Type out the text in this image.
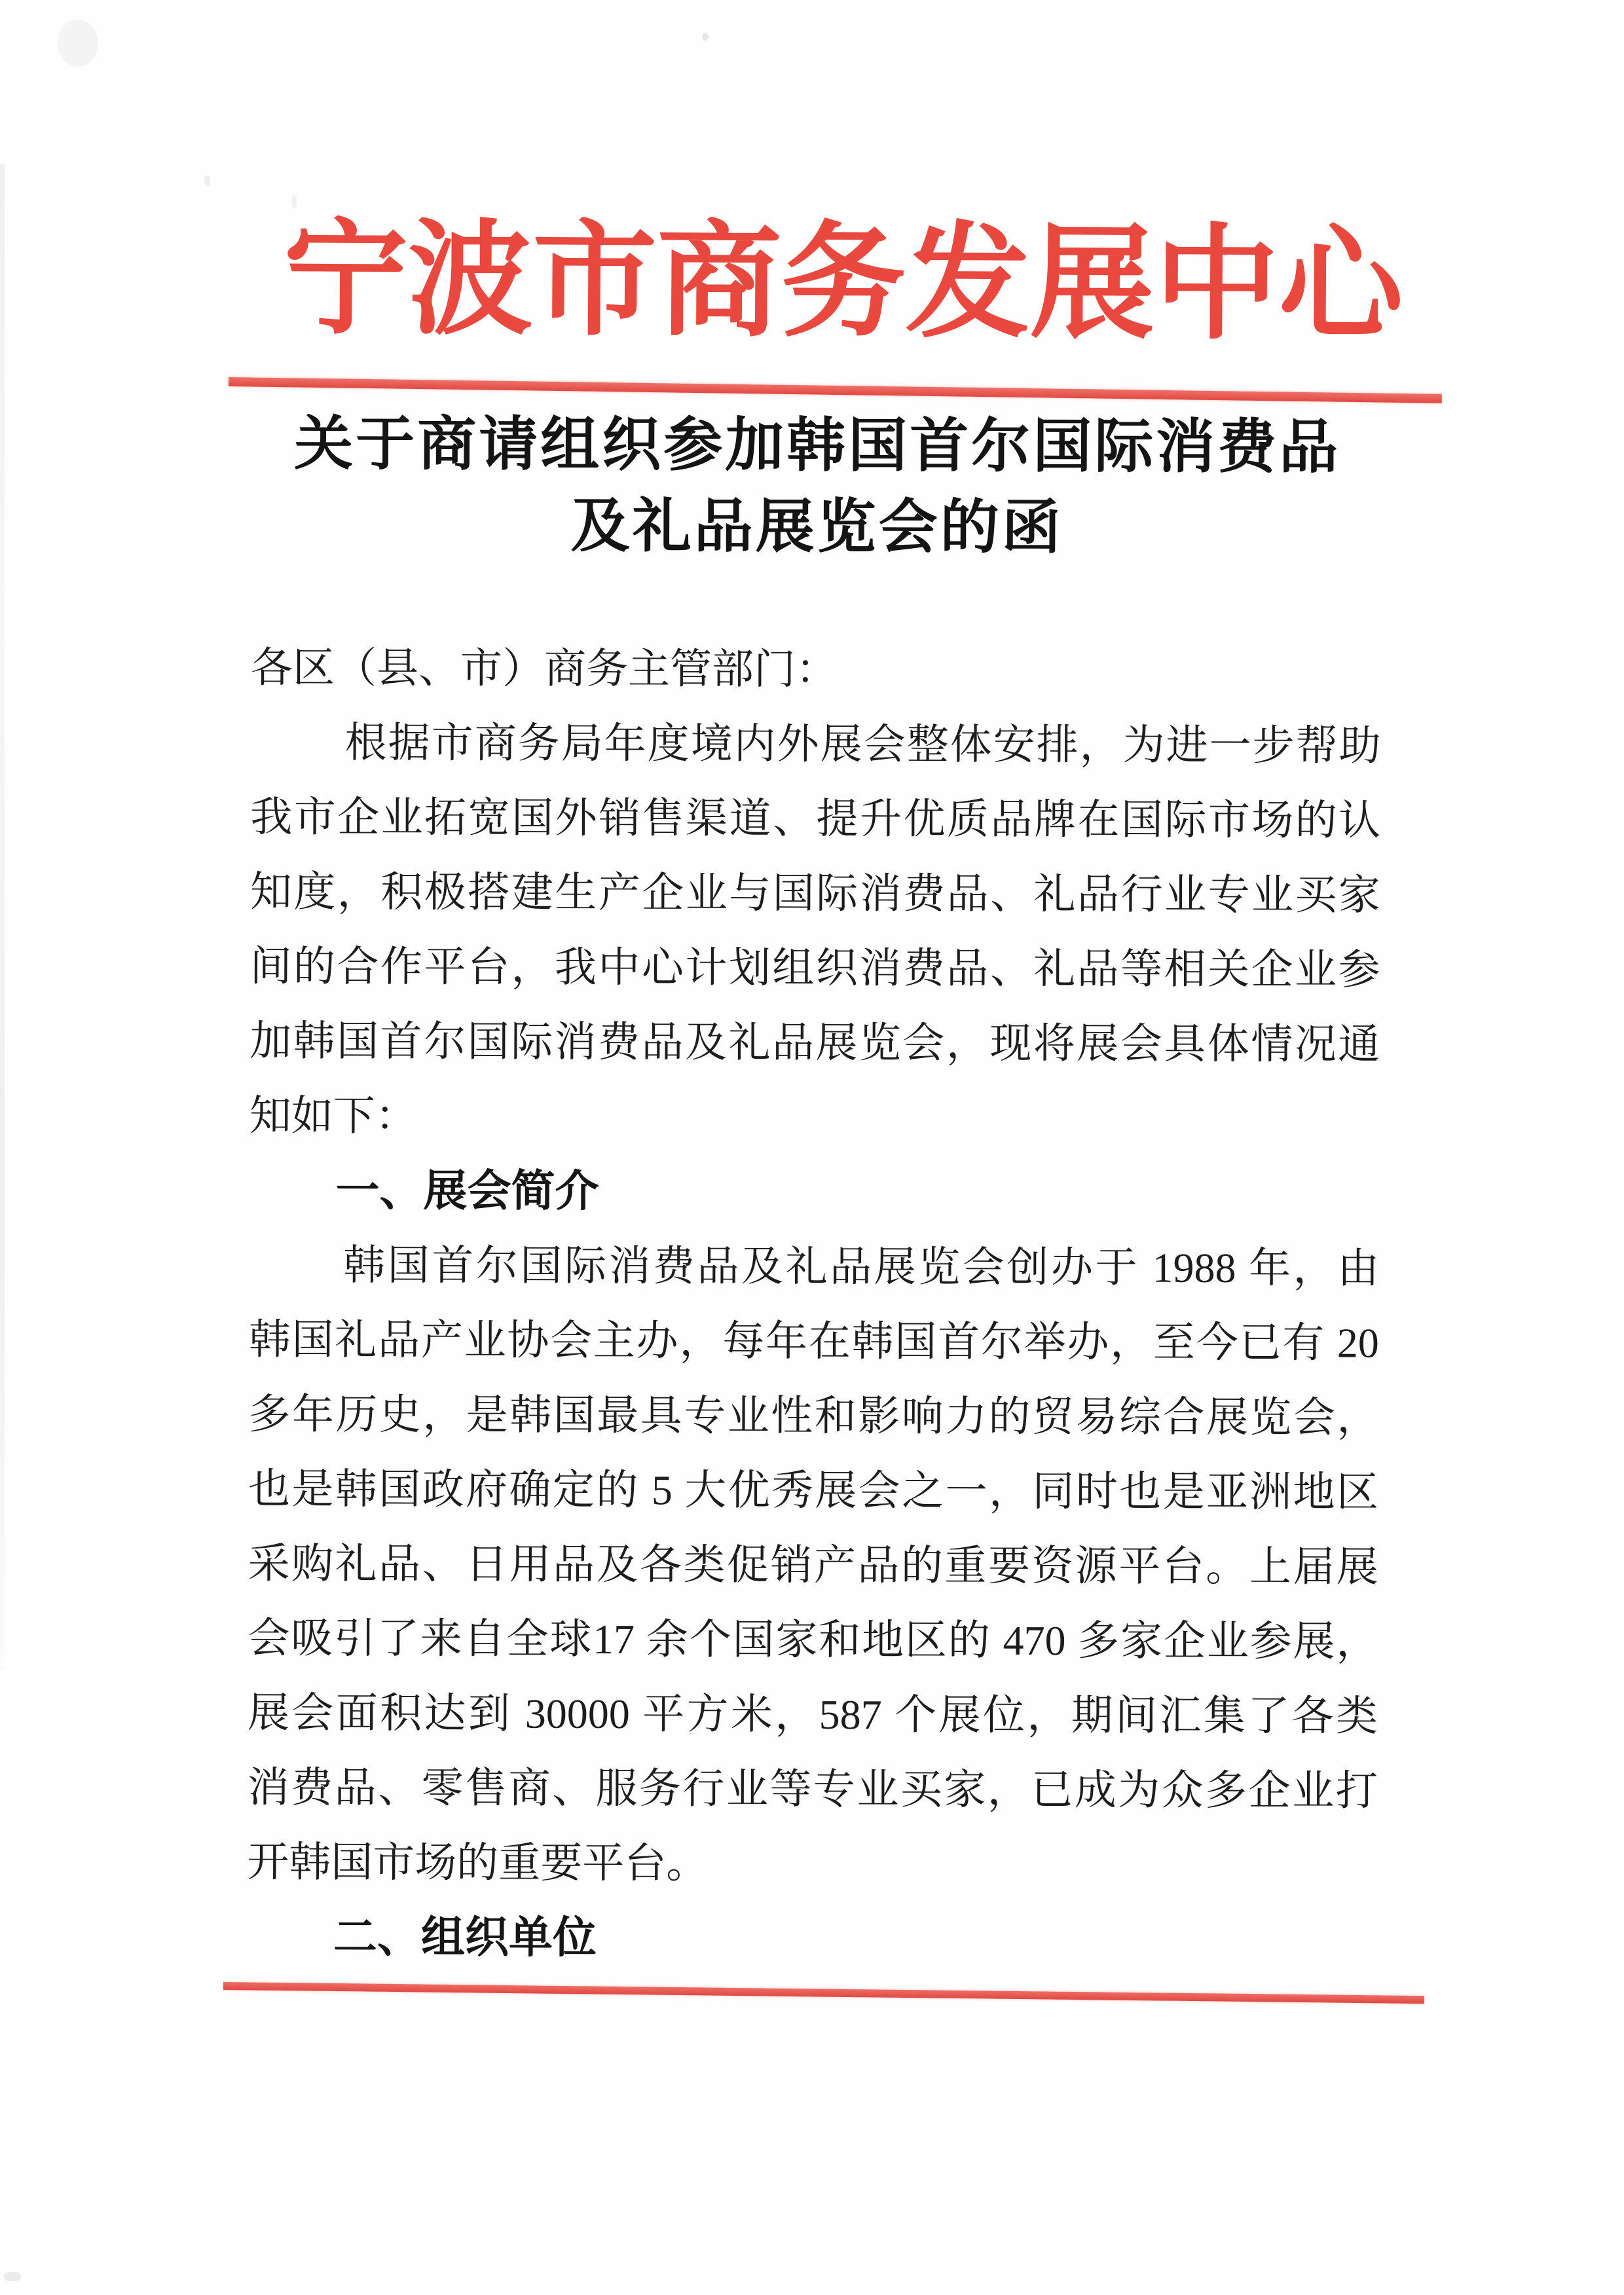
宁波市商务发展中心
关于商请组织参加韩国首尔国际消费品
及礼品展览会的函
各区（县、市）商务主管部门：
根据市商务局年度境内外展会整体安排，为进一步帮助
我市企业拓宽国外销售渠道、提升优质品牌在国际市场的认
知度，积极搭建生产企业与国际消费品、礼品行业专业买家
间的合作平台，我中心计划组织消费品、礼品等相关企业参
加韩国首尔国际消费品及礼品展览会，现将展会具体情况通
知如下：
一、展会简介
韩国首尔国际消费品及礼品展览会创办于 1988 年，由
韩国礼品产业协会主办，每年在韩国首尔举办，至今已有 20
多年历史，是韩国最具专业性和影响力的贸易综合展览会，
也是韩国政府确定的 5 大优秀展会之一，同时也是亚洲地区
采购礼品、日用品及各类促销产品的重要资源平台。上届展
会吸引了来自全球17 余个国家和地区的 470 多家企业参展，
展会面积达到 30000 平方米，587 个展位，期间汇集了各类
消费品、零售商、服务行业等专业买家，已成为众多企业打
开韩国市场的重要平台。
二、组织单位
